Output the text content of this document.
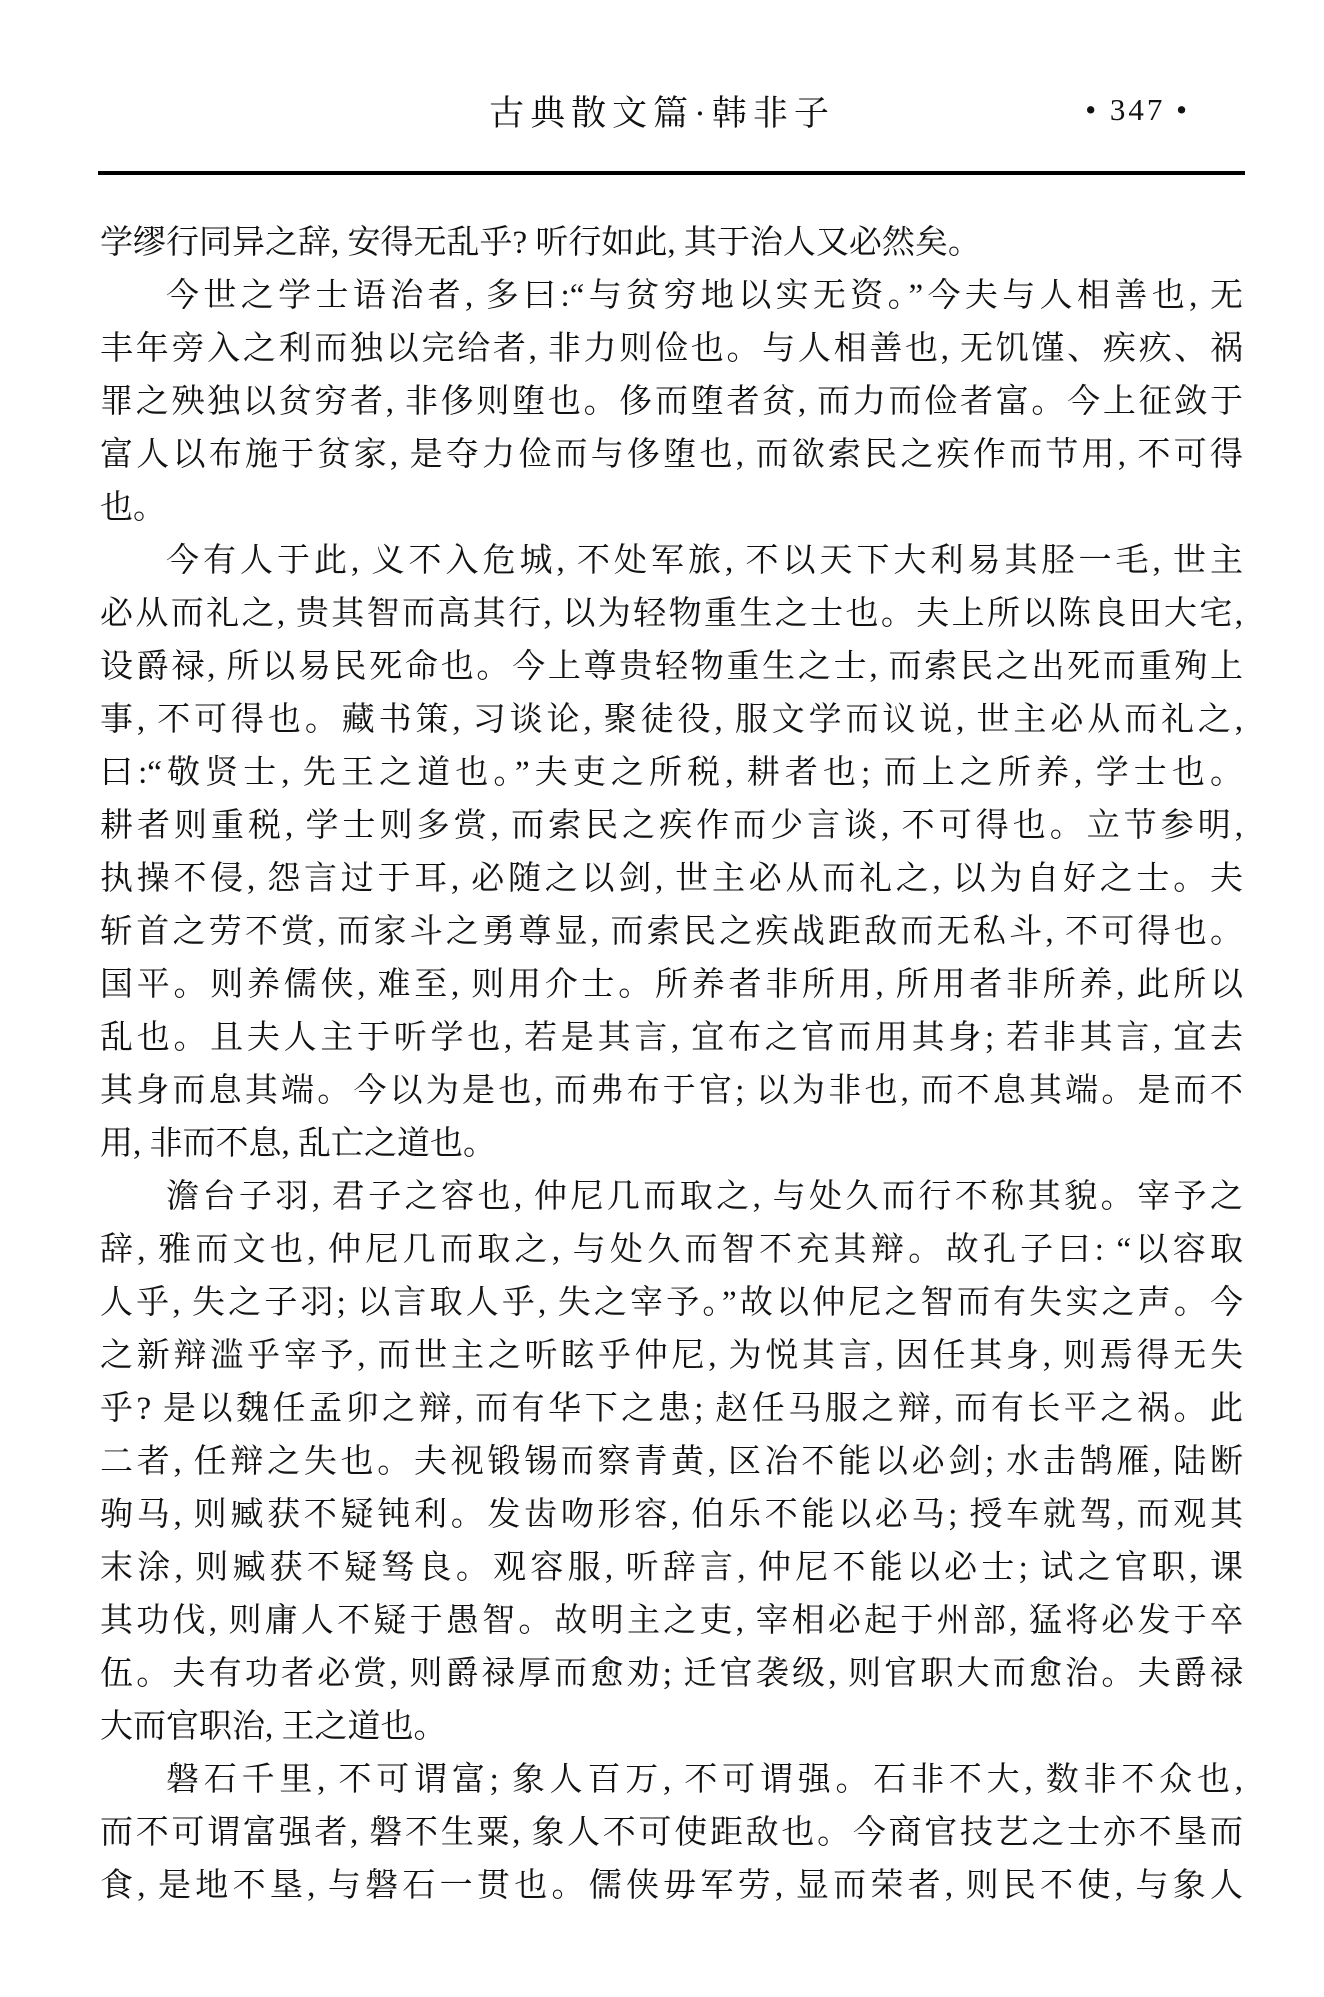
古典散文篇·韩非子	• 347 •
学缪行同异之辞, 安得无乱乎? 听行如此, 其于治人又必然矣。
今世之学士语治者, 多曰:“与贫穷地以实无资。”今夫与人相善也, 无
丰年旁入之利而独以完给者, 非力则俭也。与人相善也, 无饥馑、疾疚、祸
罪之殃独以贫穷者, 非侈则堕也。侈而堕者贫, 而力而俭者富。今上征敛于
富人以布施于贫家, 是夺力俭而与侈堕也, 而欲索民之疾作而节用, 不可得
也。
今有人于此, 义不入危城, 不处军旅, 不以天下大利易其胫一毛, 世主
必从而礼之, 贵其智而高其行, 以为轻物重生之士也。夫上所以陈良田大宅,
设爵禄, 所以易民死命也。今上尊贵轻物重生之士, 而索民之出死而重殉上
事, 不可得也。藏书策, 习谈论, 聚徒役, 服文学而议说, 世主必从而礼之,
曰:“敬贤士, 先王之道也。”夫吏之所税, 耕者也; 而上之所养, 学士也。
耕者则重税, 学士则多赏, 而索民之疾作而少言谈, 不可得也。立节参明,
执操不侵, 怨言过于耳, 必随之以剑, 世主必从而礼之, 以为自好之士。夫
斩首之劳不赏, 而家斗之勇尊显, 而索民之疾战距敌而无私斗, 不可得也。
国平。则养儒侠, 难至, 则用介士。所养者非所用, 所用者非所养, 此所以
乱也。且夫人主于听学也, 若是其言, 宜布之官而用其身; 若非其言, 宜去
其身而息其端。今以为是也, 而弗布于官; 以为非也, 而不息其端。是而不
用, 非而不息, 乱亡之道也。
澹台子羽, 君子之容也, 仲尼几而取之, 与处久而行不称其貌。宰予之
辞, 雅而文也, 仲尼几而取之, 与处久而智不充其辩。故孔子曰: “以容取
人乎, 失之子羽; 以言取人乎, 失之宰予。”故以仲尼之智而有失实之声。今
之新辩滥乎宰予, 而世主之听眩乎仲尼, 为悦其言, 因任其身, 则焉得无失
乎? 是以魏任孟卯之辩, 而有华下之患; 赵任马服之辩, 而有长平之祸。此
二者, 任辩之失也。夫视锻锡而察青黄, 区冶不能以必剑; 水击鹄雁, 陆断
驹马, 则臧获不疑钝利。发齿吻形容, 伯乐不能以必马; 授车就驾, 而观其
末涂, 则臧获不疑驽良。观容服, 听辞言, 仲尼不能以必士; 试之官职, 课
其功伐, 则庸人不疑于愚智。故明主之吏, 宰相必起于州部, 猛将必发于卒
伍。夫有功者必赏, 则爵禄厚而愈劝; 迁官袭级, 则官职大而愈治。夫爵禄
大而官职治, 王之道也。
磐石千里, 不可谓富; 象人百万, 不可谓强。石非不大, 数非不众也,
而不可谓富强者, 磐不生粟, 象人不可使距敌也。今商官技艺之士亦不垦而
食, 是地不垦, 与磐石一贯也。儒侠毋军劳, 显而荣者, 则民不使, 与象人
